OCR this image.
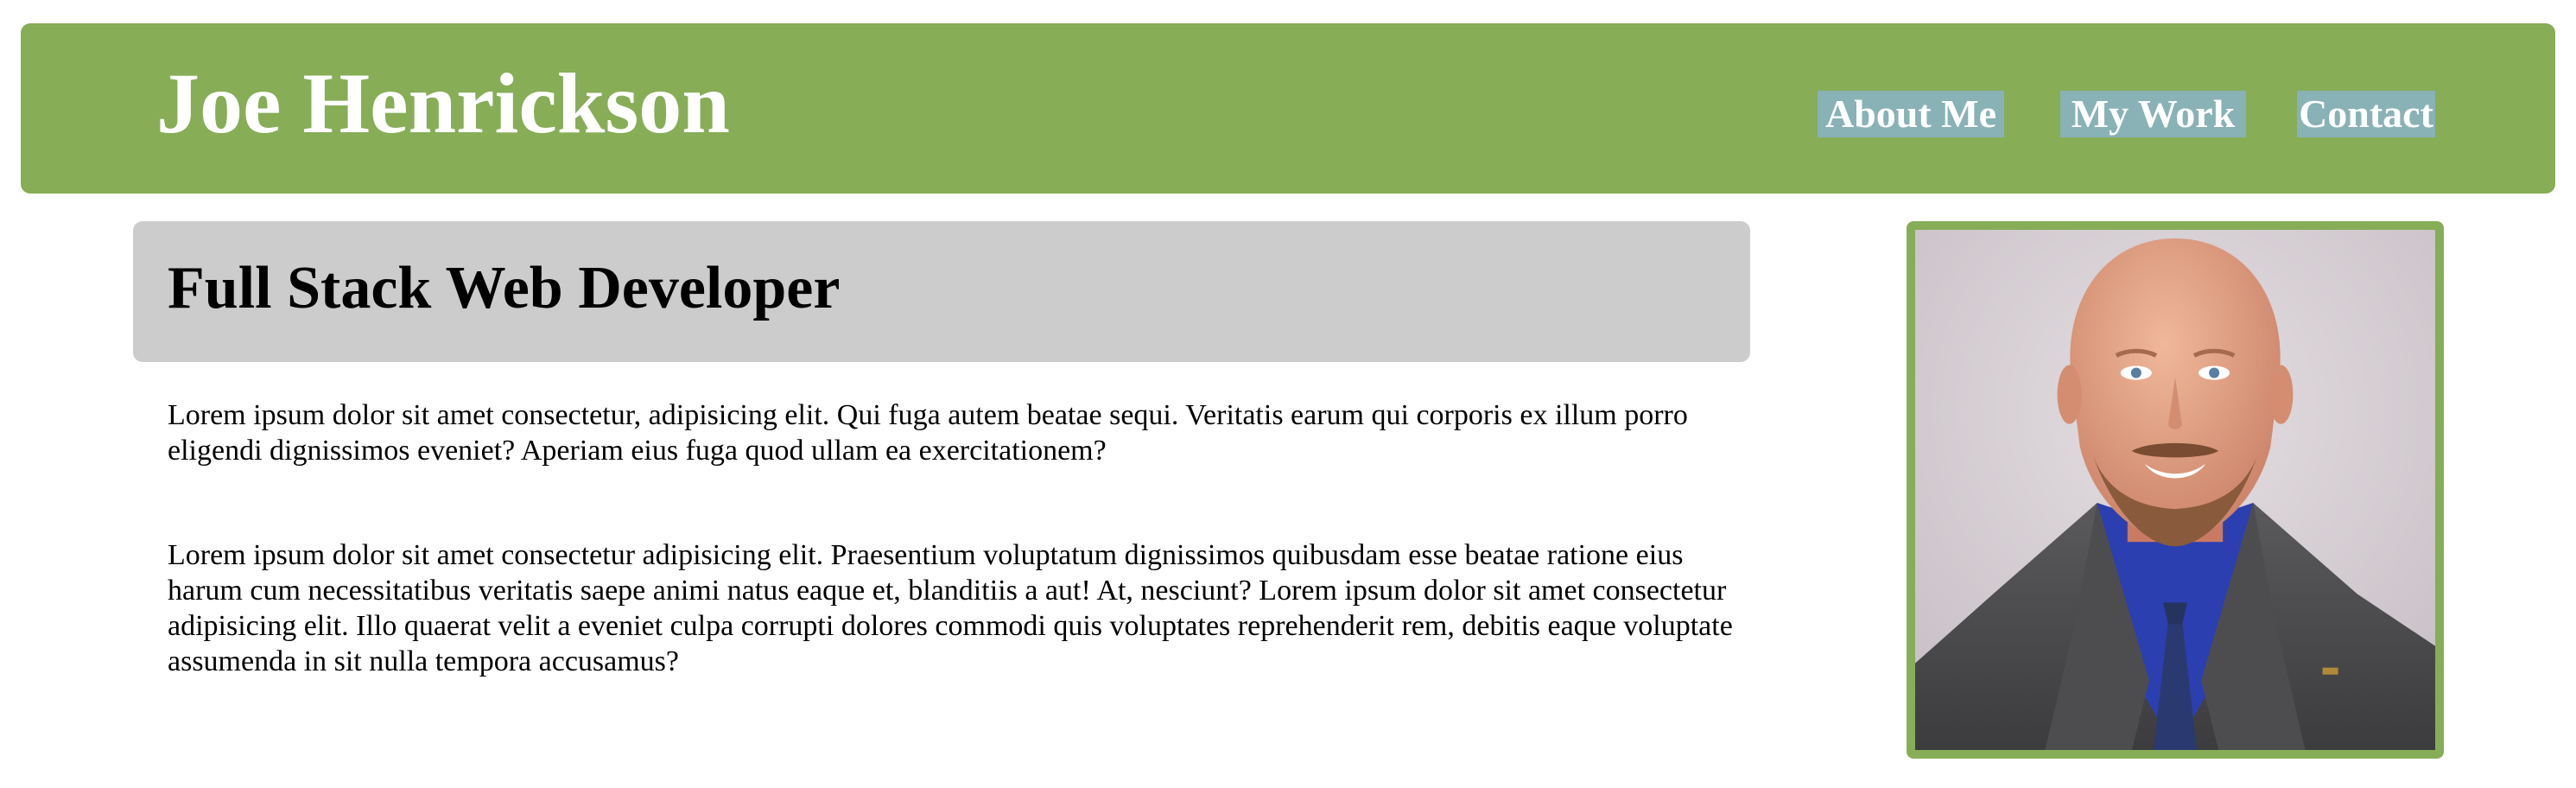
Joe Henrickson	About Me My Work Contact
Full Stack Web Developer

Lorem ipsum dolor sit amet consectetur, adipisicing elit. Qui fuga autem beatae sequi. Veritatis earum qui corporis ex illum porro eligendi dignissimos eveniet? Aperiam eius fuga quod ullam ea exercitationem?

Lorem ipsum dolor sit amet consectetur adipisicing elit. Praesentium voluptatum dignissimos quibusdam esse beatae ratione eius harum cum necessitatibus veritatis saepe animi natus eaque et, blanditiis a aut! At, nesciunt? Lorem ipsum dolor sit amet consectetur adipisicing elit. Illo quaerat velit a eveniet culpa corrupti dolores commodi quis voluptates reprehenderit rem, debitis eaque voluptate assumenda in sit nulla tempora accusamus?
